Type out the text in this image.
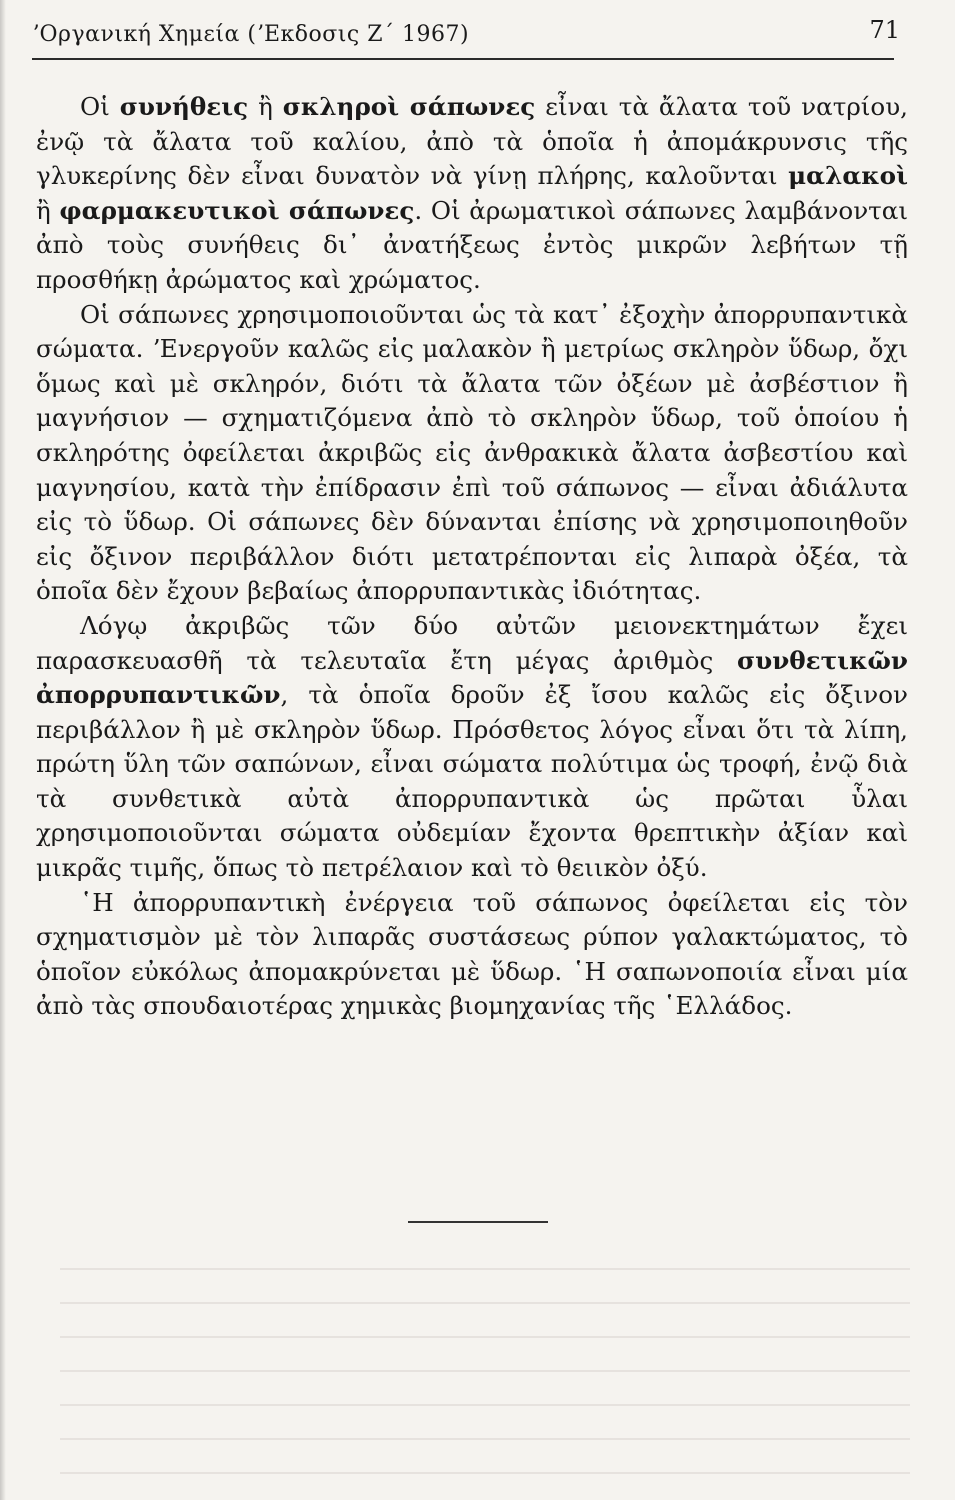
ʼΟργανική Χημεία (ʼΕκδοσις Ζ΄ 1967)	71

Οἱ συνήθεις ἢ σκληροὶ σάπωνες εἶναι τὰ ἄλατα τοῦ νατρίου, ἐνῷ τὰ ἄλατα τοῦ καλίου, ἀπὸ τὰ ὁποῖα ἡ ἀπομάκρυνσις τῆς γλυκερίνης δὲν εἶναι δυνατὸν νὰ γίνῃ πλήρης, καλοῦνται μαλακοὶ ἢ φαρμακευτικοὶ σάπωνες. Οἱ ἀρωματικοὶ σάπωνες λαμβάνονται ἀπὸ τοὺς συνήθεις δι᾿ ἀνατήξεως ἐντὸς μικρῶν λεβήτων τῇ προσθήκῃ ἀρώματος καὶ χρώματος.

Οἱ σάπωνες χρησιμοποιοῦνται ὡς τὰ κατ᾿ ἐξοχὴν ἀπορρυπαντικὰ σώματα. ʼΕνεργοῦν καλῶς εἰς μαλακὸν ἢ μετρίως σκληρὸν ὕδωρ, ὄχι ὅμως καὶ μὲ σκληρόν, διότι τὰ ἄλατα τῶν ὀξέων μὲ ἀσβέστιον ἢ μαγνήσιον — σχηματιζόμενα ἀπὸ τὸ σκληρὸν ὕδωρ, τοῦ ὁποίου ἡ σκληρότης ὀφείλεται ἀκριβῶς εἰς ἀνθρακικὰ ἄλατα ἀσβεστίου καὶ μαγνησίου, κατὰ τὴν ἐπίδρασιν ἐπὶ τοῦ σάπωνος — εἶναι ἀδιάλυτα εἰς τὸ ὕδωρ. Οἱ σάπωνες δὲν δύνανται ἐπίσης νὰ χρησιμοποιηθοῦν εἰς ὄξινον περιβάλλον διότι μετατρέπονται εἰς λιπαρὰ ὀξέα, τὰ ὁποῖα δὲν ἔχουν βεβαίως ἀπορρυπαντικὰς ἰδιότητας.

Λόγῳ ἀκριβῶς τῶν δύο αὐτῶν μειονεκτημάτων ἔχει παρασκευασθῆ τὰ τελευταῖα ἔτη μέγας ἀριθμὸς συνθετικῶν ἀπορρυπαντικῶν, τὰ ὁποῖα δροῦν ἐξ ἴσου καλῶς εἰς ὄξινον περιβάλλον ἢ μὲ σκληρὸν ὕδωρ. Πρόσθετος λόγος εἶναι ὅτι τὰ λίπη, πρώτη ὕλη τῶν σαπώνων, εἶναι σώματα πολύτιμα ὡς τροφή, ἐνῷ διὰ τὰ συνθετικὰ αὐτὰ ἀπορρυπαντικὰ ὡς πρῶται ὗλαι χρησιμοποιοῦνται σώματα οὐδεμίαν ἔχοντα θρεπτικὴν ἀξίαν καὶ μικρᾶς τιμῆς, ὅπως τὸ πετρέλαιον καὶ τὸ θειικὸν ὀξύ.

῾Η ἀπορρυπαντικὴ ἐνέργεια τοῦ σάπωνος ὀφείλεται εἰς τὸν σχηματισμὸν μὲ τὸν λιπαρᾶς συστάσεως ρύπον γαλακτώματος, τὸ ὁποῖον εὐκόλως ἀπομακρύνεται μὲ ὕδωρ. ῾Η σαπωνοποιία εἶναι μία ἀπὸ τὰς σπουδαιοτέρας χημικὰς βιομηχανίας τῆς ῾Ελλάδος.
